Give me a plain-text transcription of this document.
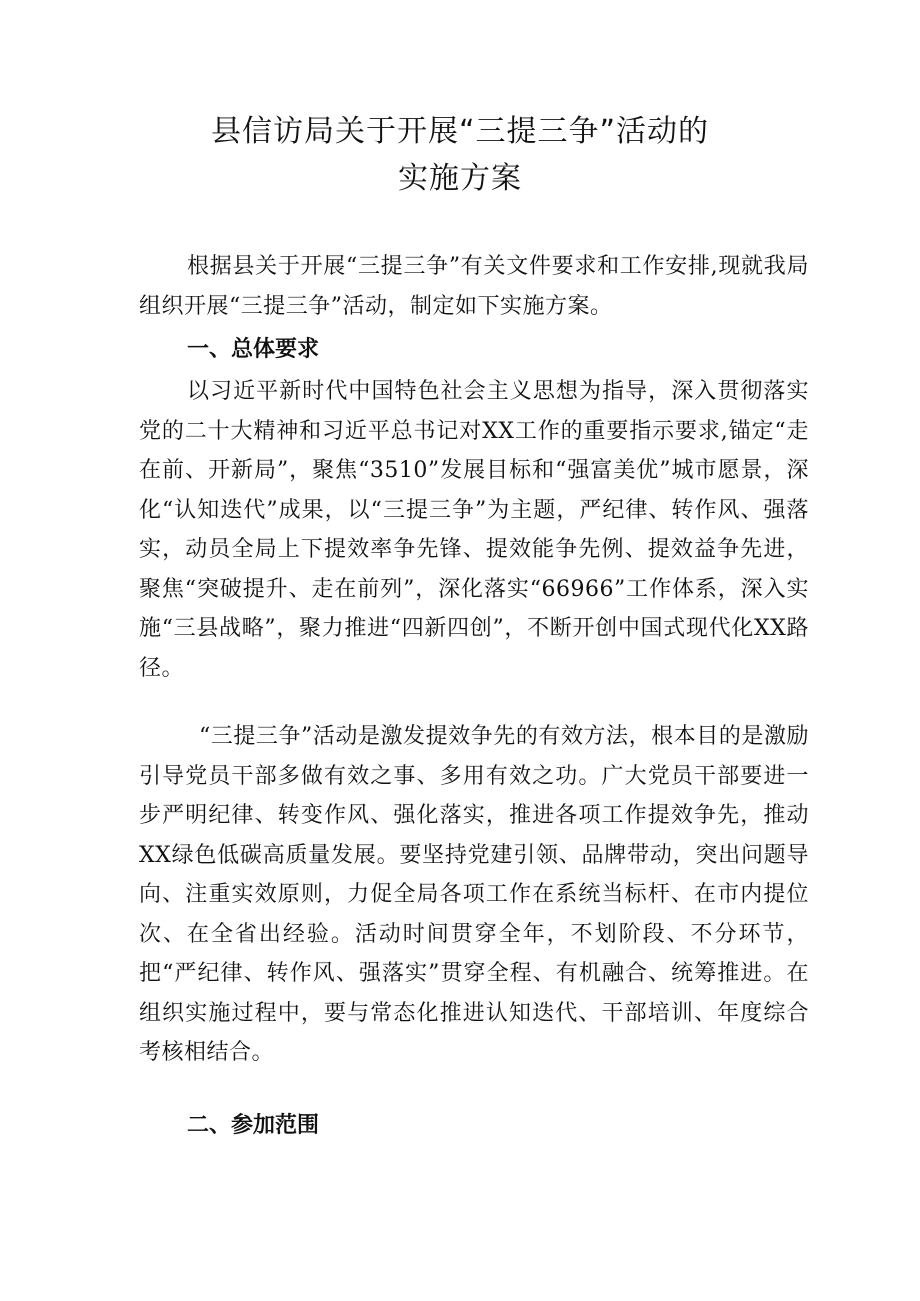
县信访局关于开展“三提三争”活动的
实施方案
根据县关于开展“三提三争”有关文件要求和工作安排,现就我局组织开展“三提三争”活动，制定如下实施方案。
一、总体要求
以习近平新时代中国特色社会主义思想为指导，深入贯彻落实党的二十大精神和习近平总书记对XX工作的重要指示要求,锚定“走在前、开新局”，聚焦“3510”发展目标和“强富美优”城市愿景，深化“认知迭代”成果，以“三提三争”为主题，严纪律、转作风、强落实，动员全局上下提效率争先锋、提效能争先例、提效益争先进，聚焦“突破提升、走在前列”，深化落实“66966”工作体系，深入实施“三县战略”，聚力推进“四新四创”，不断开创中国式现代化XX路径。
“三提三争”活动是激发提效争先的有效方法，根本目的是激励引导党员干部多做有效之事、多用有效之功。广大党员干部要进一步严明纪律、转变作风、强化落实，推进各项工作提效争先，推动XX绿色低碳高质量发展。要坚持党建引领、品牌带动，突出问题导向、注重实效原则，力促全局各项工作在系统当标杆、在市内提位次、在全省出经验。活动时间贯穿全年，不划阶段、不分环节，把“严纪律、转作风、强落实”贯穿全程、有机融合、统筹推进。在组织实施过程中，要与常态化推进认知迭代、干部培训、年度综合考核相结合。
二、参加范围
